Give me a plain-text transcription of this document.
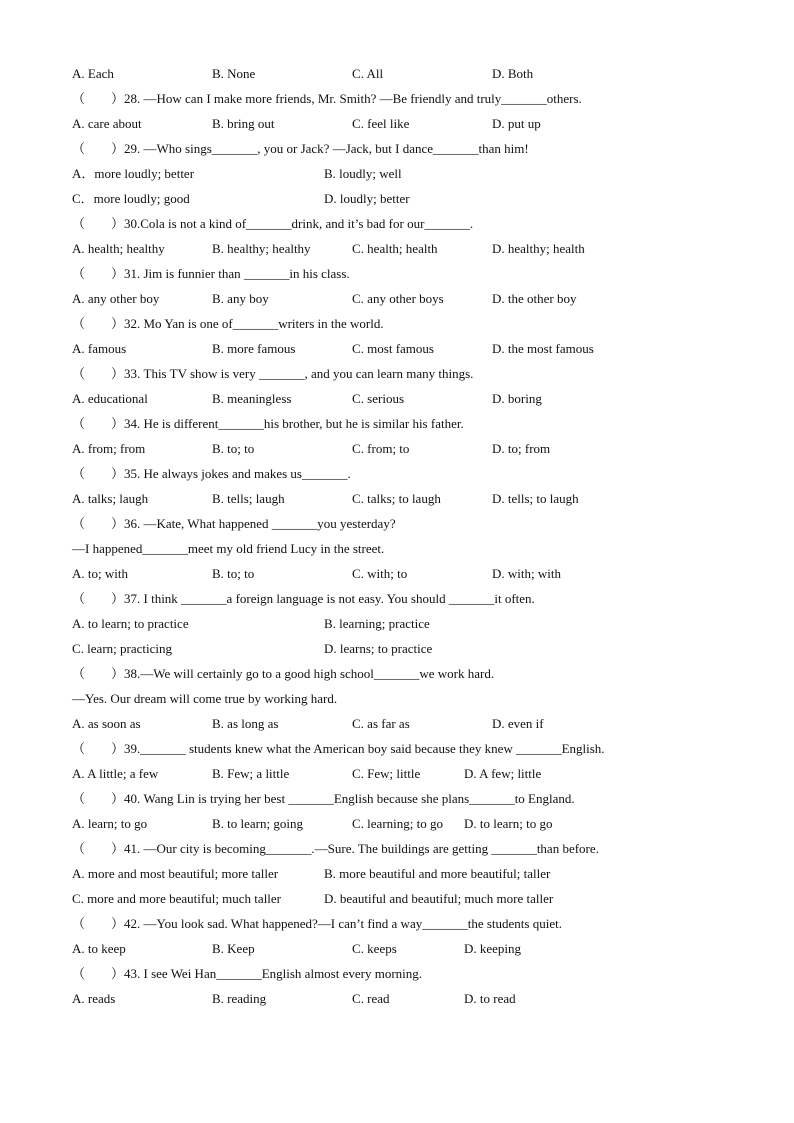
A. Each	B. None	C. All	D. Both
（　　）28. —How can I make more friends, Mr. Smith? —Be friendly and truly_______others.
A. care about	B. bring out	C. feel like	D. put up
（　　）29. —Who sings_______, you or Jack? —Jack, but I dance_______than him!
A．more loudly; better	B. loudly; well
C．more loudly; good	D. loudly; better
（　　）30.Cola is not a kind of_______drink, and it’s bad for our_______.
A. health; healthy	B. healthy; healthy	C. health; health	D. healthy; health
（　　）31. Jim is funnier than _______in his class.
A. any other boy	B. any boy	C. any other boys	D. the other boy
（　　）32. Mo Yan is one of_______writers in the world.
A. famous	B. more famous	C. most famous	D. the most famous
（　　）33. This TV show is very _______, and you can learn many things.
A. educational	B. meaningless	C. serious	D. boring
（　　）34. He is different_______his brother, but he is similar his father.
A. from; from	B. to; to	C. from; to	D. to; from
（　　）35. He always jokes and makes us_______.
A. talks; laugh	B. tells; laugh	C. talks; to laugh	D. tells; to laugh
（　　）36. —Kate, What happened _______you yesterday?
—I happened_______meet my old friend Lucy in the street.
A. to; with	B. to; to	C. with; to	D. with; with
（　　）37. I think _______a foreign language is not easy. You should _______it often.
A. to learn; to practice	B. learning; practice
C. learn; practicing	D. learns; to practice
（　　）38.—We will certainly go to a good high school_______we work hard.
—Yes. Our dream will come true by working hard.
A. as soon as	B. as long as	C. as far as	D. even if
（　　）39._______ students knew what the American boy said because they knew _______English.
A. A little; a few	B. Few; a little	C. Few; little	D. A few; little
（　　）40. Wang Lin is trying her best _______English because she plans_______to England.
A. learn; to go	B. to learn; going	C. learning; to go D. to learn; to go
（　　）41. —Our city is becoming_______.—Sure. The buildings are getting _______than before.
A. more and most beautiful; more taller	B. more beautiful and more beautiful; taller
C. more and more beautiful; much taller	D. beautiful and beautiful; much more taller
（　　）42. —You look sad. What happened?—I can’t find a way_______the students quiet.
A. to keep	B. Keep	C. keeps	D. keeping
（　　）43. I see Wei Han_______English almost every morning.
A. reads	B. reading	C. read	D. to read
